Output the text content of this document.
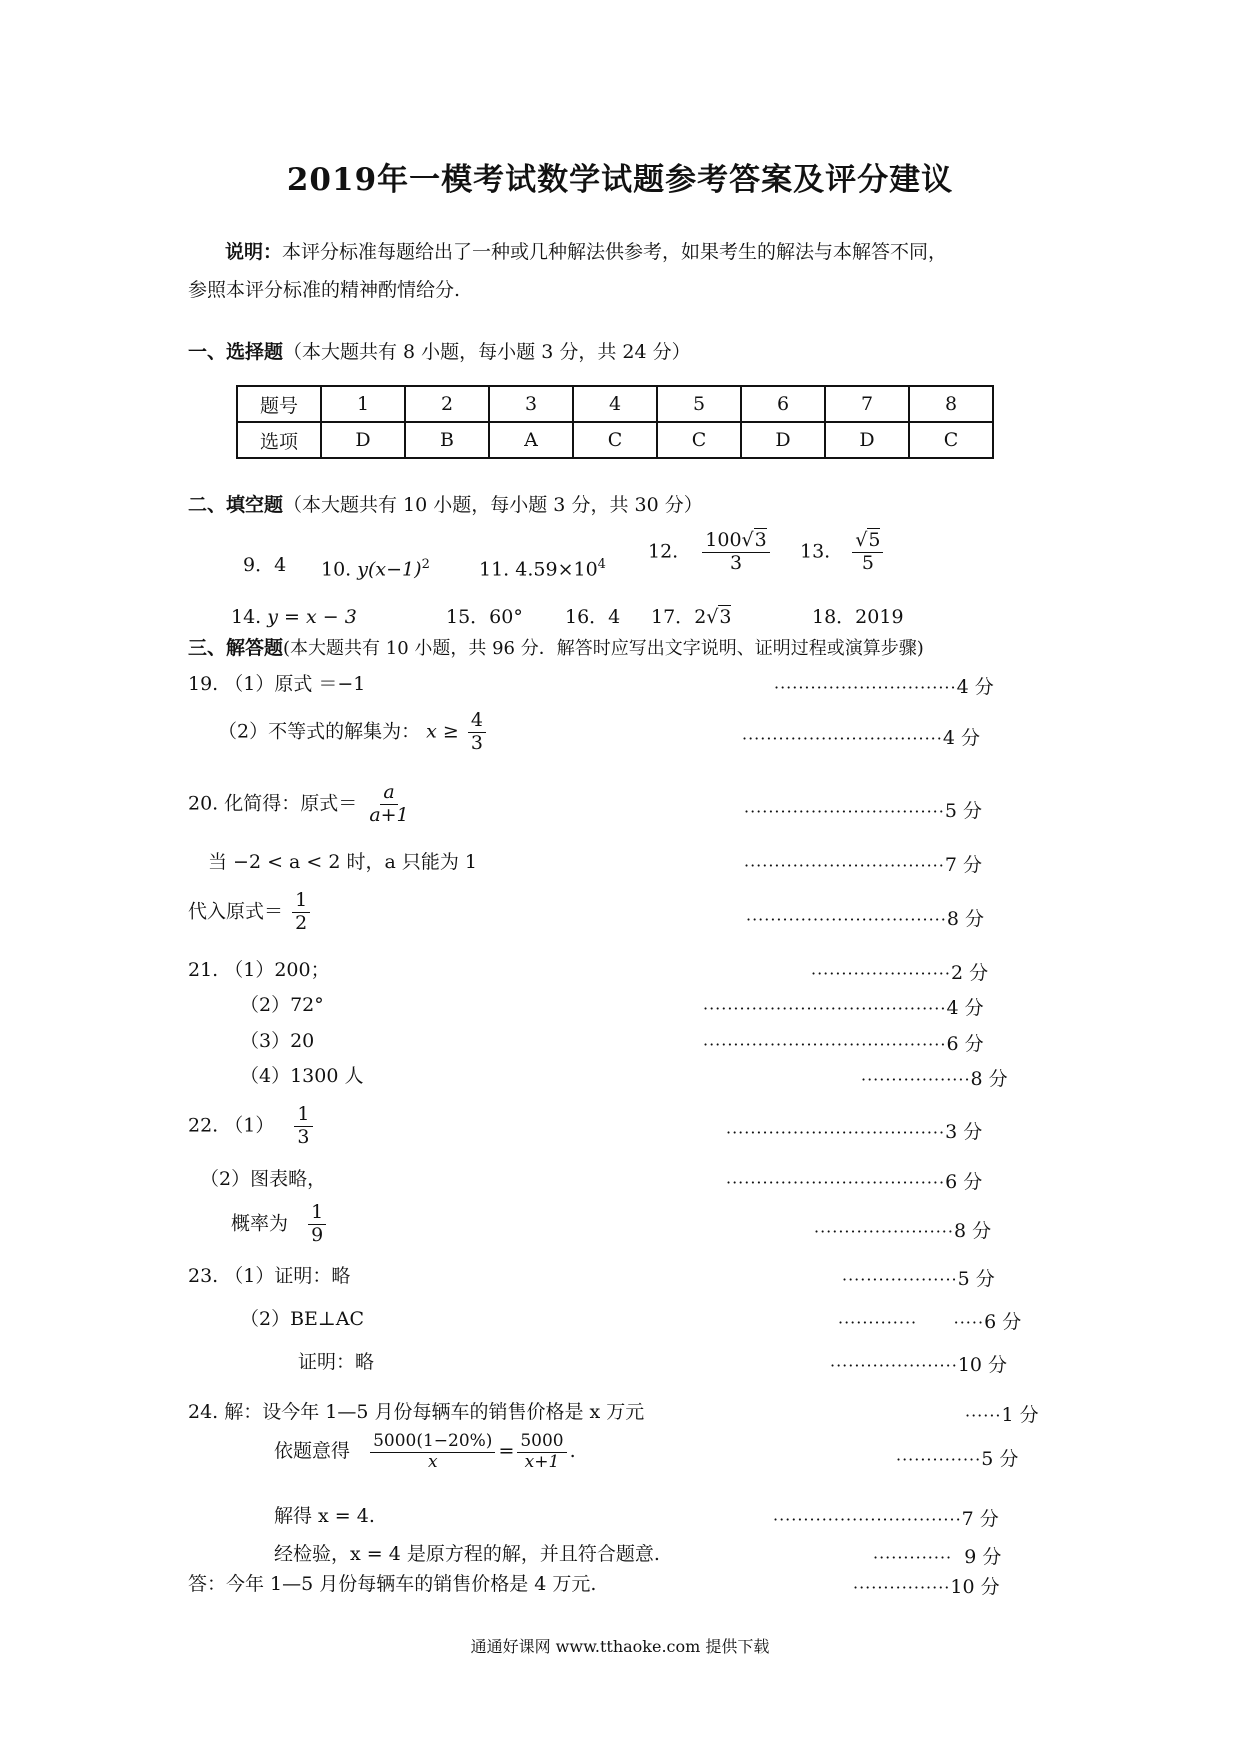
2019年一模考试数学试题参考答案及评分建议
说明：本评分标准每题给出了一种或几种解法供参考，如果考生的解法与本解答不同，
参照本评分标准的精神酌情给分.
一、选择题（本大题共有 8 小题，每小题 3 分，共 24 分）
题号	1	2	3	4	5	6	7	8
选项	D	B	A	C	C	D	D	C
二、填空题（本大题共有 10 小题，每小题 3 分，共 30 分）
9．4 10. $y(x-1)^2$	11. $4.59\times 10^4$
12. $\frac{100√3}{3} 13$. $\frac{√5}{5}$
14. y = x − 3	15．60° 16．4 17．2√3	18．2019
三、解答题(本大题共有 10 小题，共 96 分．解答时应写出文字说明、证明过程或演算步骤)
19. （1）原式 ＝−1	······························4 分
（2）不等式的解集为： $x \ge \frac{4}{3}$	·································4 分
20. 化简得：原式＝ $\frac{a}{a+1}$	·································5 分
当 −2 < a < 2 时，a 只能为 1	·································7 分
代入原式＝ $\frac{1}{2}$	·································8 分
21. （1）200；	·······················2 分
（2）72°	········································4 分
（3）20	········································6 分
（4）1300 人	··················8 分
22. $(1) \frac{1}{3}$	····································3 分
（2）图表略，	····································6 分
概率为 $\frac{1}{9}$	·······················8 分
23. （1）证明：略	···················5 分
（2）BE⊥AC	·············      ·····6 分
证明：略	·····················10 分
24. 解：设今年 1—5 月份每辆车的销售价格是 x 万元	······1 分
依题意得 $\frac{5000(1-20\%)}{x} = \frac{5000}{x+1}$ .	··············5 分
解得 x = 4.	·······························7 分
经检验，x = 4 是原方程的解，并且符合题意.	·············  9 分
答：今年 1—5 月份每辆车的销售价格是 4 万元.	················10 分
通通好课网 www.tthaoke.com 提供下载
